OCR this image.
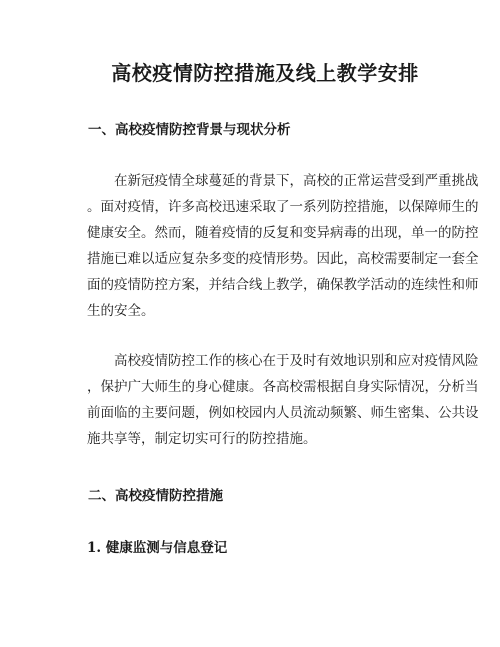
高校疫情防控措施及线上教学安排
一、高校疫情防控背景与现状分析
在新冠疫情全球蔓延的背景下，高校的正常运营受到严重挑战
。面对疫情，许多高校迅速采取了一系列防控措施，以保障师生的
健康安全。然而，随着疫情的反复和变异病毒的出现，单一的防控
措施已难以适应复杂多变的疫情形势。因此，高校需要制定一套全
面的疫情防控方案，并结合线上教学，确保教学活动的连续性和师
生的安全。
高校疫情防控工作的核心在于及时有效地识别和应对疫情风险
，保护广大师生的身心健康。各高校需根据自身实际情况，分析当
前面临的主要问题，例如校园内人员流动频繁、师生密集、公共设
施共享等，制定切实可行的防控措施。
二、高校疫情防控措施
1. 健康监测与信息登记
